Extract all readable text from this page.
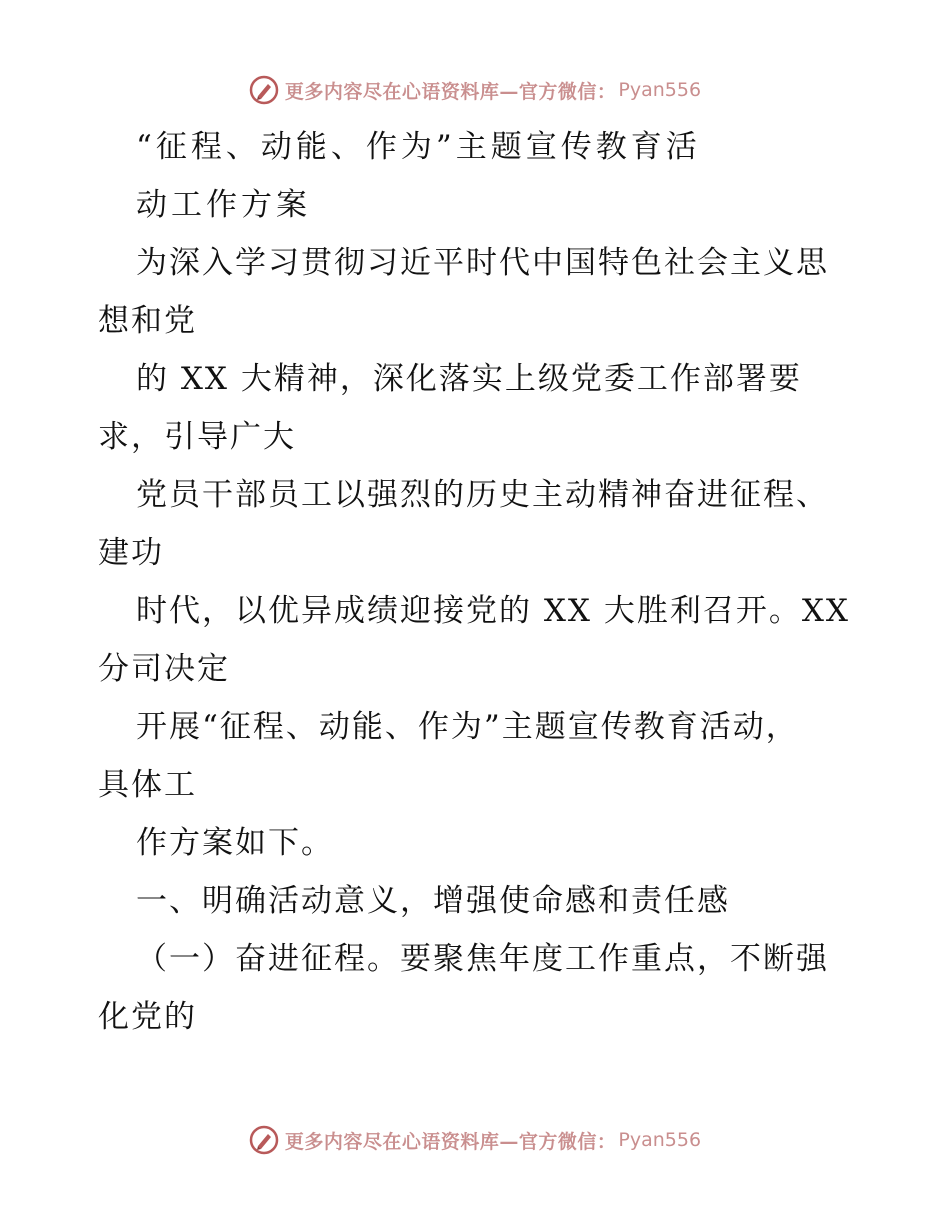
更多内容尽在心语资料库—官方微信： Pyan556
“征程、动能、作为”主题宣传教育活
动工作方案
为深入学习贯彻习近平时代中国特色社会主义思
想和党
的 XX 大精神，深化落实上级党委工作部署要
求，引导广大
党员干部员工以强烈的历史主动精神奋进征程、
建功
时代，以优异成绩迎接党的 XX 大胜利召开。XX
分司决定
开展“征程、动能、作为”主题宣传教育活动，
具体工
作方案如下。
一、明确活动意义，增强使命感和责任感
（一）奋进征程。要聚焦年度工作重点，不断强
化党的
更多内容尽在心语资料库—官方微信： Pyan556
